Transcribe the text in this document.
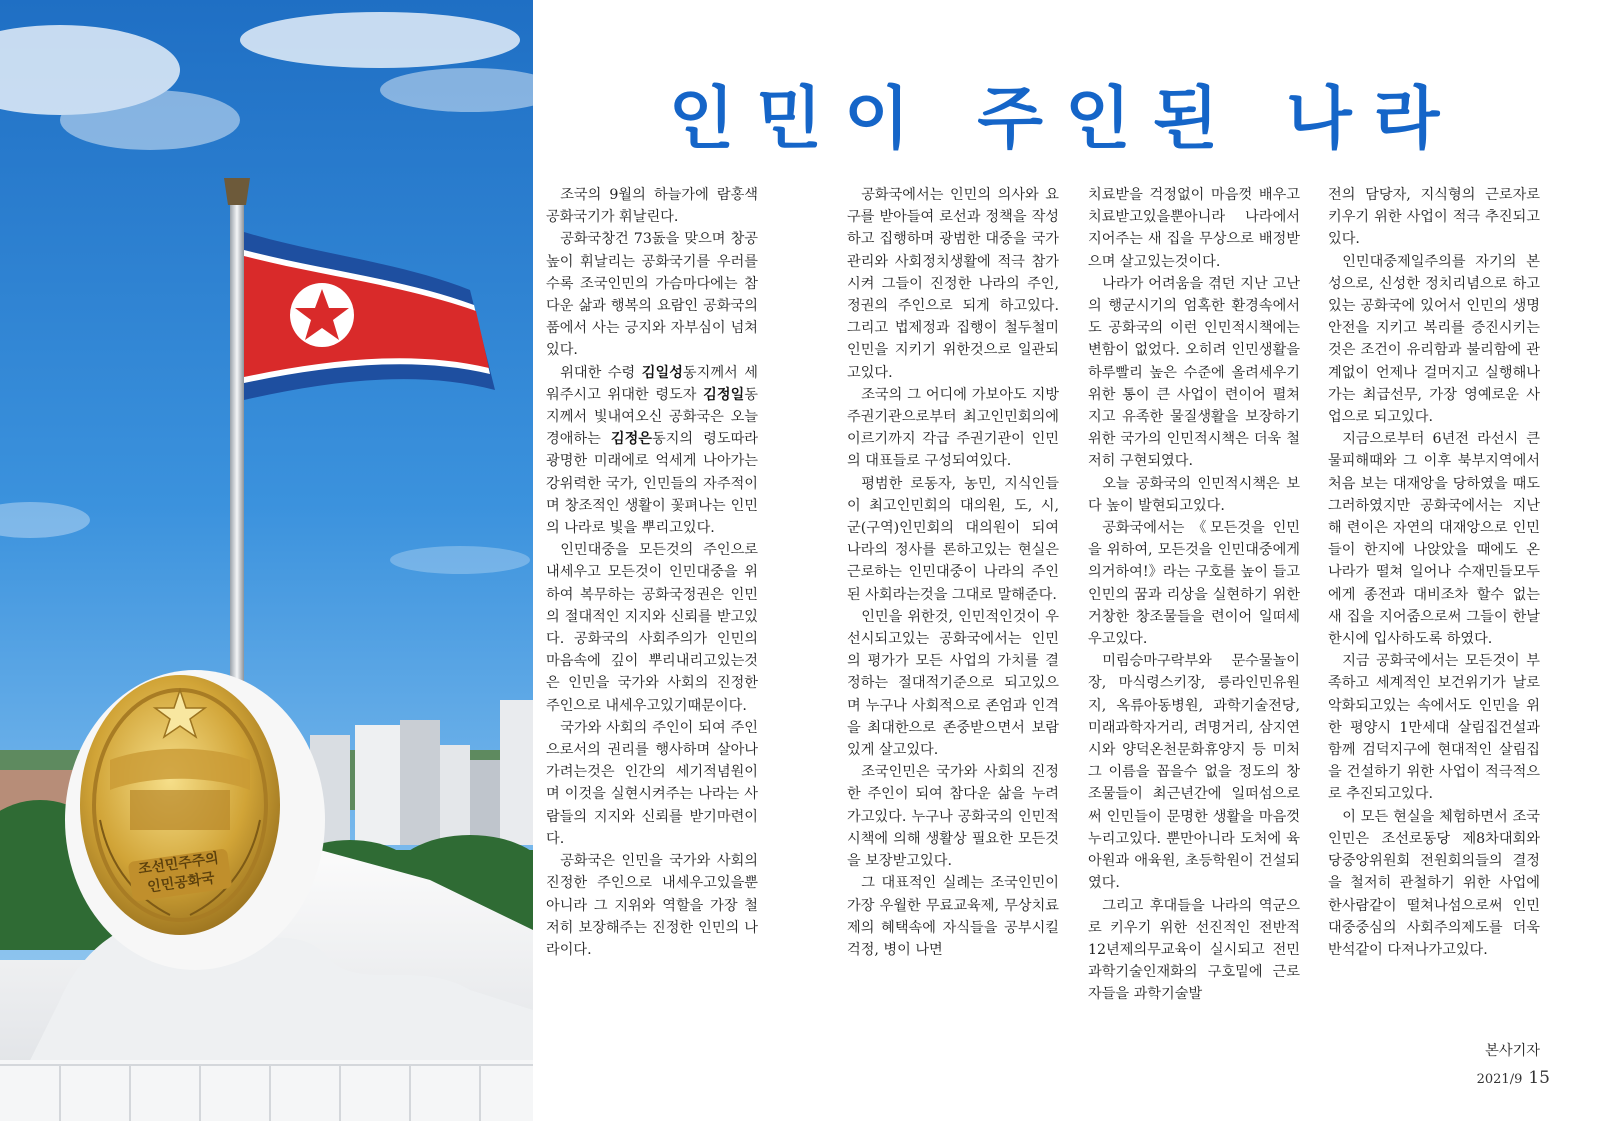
조선민주주의
인민공화국
인민이 주인된 나라

조국의 9월의 하늘가에 람홍색공화국기가 휘날린다.

공화국창건 73돐을 맞으며 창공높이 휘날리는 공화국기를 우러를수록 조국인민의 가슴마다에는 참다운 삶과 행복의 요람인 공화국의 품에서 사는 긍지와 자부심이 넘쳐있다.

위대한 수령 김일성동지께서 세워주시고 위대한 령도자 김정일동지께서 빛내여오신 공화국은 오늘 경애하는 김정은동지의 령도따라 광명한 미래에로 억세게 나아가는 강위력한 국가, 인민들의 자주적이며 창조적인 생활이 꽃펴나는 인민의 나라로 빛을 뿌리고있다.

인민대중을 모든것의 주인으로 내세우고 모든것이 인민대중을 위하여 복무하는 공화국정권은 인민의 절대적인 지지와 신뢰를 받고있다. 공화국의 사회주의가 인민의 마음속에 깊이 뿌리내리고있는것은 인민을 국가와 사회의 진정한 주인으로 내세우고있기때문이다.

국가와 사회의 주인이 되여 주인으로서의 권리를 행사하며 살아나가려는것은 인간의 세기적념원이며 이것을 실현시켜주는 나라는 사람들의 지지와 신뢰를 받기마련이다.

공화국은 인민을 국가와 사회의 진정한 주인으로 내세우고있을뿐아니라 그 지위와 역할을 가장 철저히 보장해주는 진정한 인민의 나라이다.

공화국에서는 인민의 의사와 요구를 받아들여 로선과 정책을 작성하고 집행하며 광범한 대중을 국가관리와 사회정치생활에 적극 참가시켜 그들이 진정한 나라의 주인, 정권의 주인으로 되게 하고있다. 그리고 법제정과 집행이 철두철미 인민을 지키기 위한것으로 일관되고있다.

조국의 그 어디에 가보아도 지방주권기관으로부터 최고인민회의에 이르기까지 각급 주권기관이 인민의 대표들로 구성되여있다.

평범한 로동자, 농민, 지식인들이 최고인민회의 대의원, 도, 시, 군(구역)인민회의 대의원이 되여 나라의 정사를 론하고있는 현실은 근로하는 인민대중이 나라의 주인된 사회라는것을 그대로 말해준다.

인민을 위한것, 인민적인것이 우선시되고있는 공화국에서는 인민의 평가가 모든 사업의 가치를 결정하는 절대적기준으로 되고있으며 누구나 사회적으로 존엄과 인격을 최대한으로 존중받으면서 보람있게 살고있다.

조국인민은 국가와 사회의 진정한 주인이 되여 참다운 삶을 누려가고있다. 누구나 공화국의 인민적시책에 의해 생활상 필요한 모든것을 보장받고있다.

그 대표적인 실례는 조국인민이 가장 우월한 무료교육제, 무상치료제의 혜택속에 자식들을 공부시킬 걱정, 병이 나면

치료받을 걱정없이 마음껏 배우고 치료받고있을뿐아니라 나라에서 지어주는 새 집을 무상으로 배정받으며 살고있는것이다.

나라가 어려움을 겪던 지난 고난의 행군시기의 엄혹한 환경속에서도 공화국의 이런 인민적시책에는 변함이 없었다. 오히려 인민생활을 하루빨리 높은 수준에 올려세우기 위한 통이 큰 사업이 련이어 펼쳐지고 유족한 물질생활을 보장하기 위한 국가의 인민적시책은 더욱 철저히 구현되였다.

오늘 공화국의 인민적시책은 보다 높이 발현되고있다.

공화국에서는 《모든것을 인민을 위하여, 모든것을 인민대중에게 의거하여!》라는 구호를 높이 들고 인민의 꿈과 리상을 실현하기 위한 거창한 창조물들을 련이어 일떠세우고있다.

미림승마구락부와 문수물놀이장, 마식령스키장, 릉라인민유원지, 옥류아동병원, 과학기술전당, 미래과학자거리, 려명거리, 삼지연시와 양덕온천문화휴양지 등 미처 그 이름을 꼽을수 없을 정도의 창조물들이 최근년간에 일떠섬으로써 인민들이 문명한 생활을 마음껏 누리고있다. 뿐만아니라 도처에 육아원과 애육원, 초등학원이 건설되였다.

그리고 후대들을 나라의 역군으로 키우기 위한 선진적인 전반적12년제의무교육이 실시되고 전민과학기술인재화의 구호밑에 근로자들을 과학기술발

전의 담당자, 지식형의 근로자로 키우기 위한 사업이 적극 추진되고있다.

인민대중제일주의를 자기의 본성으로, 신성한 정치리념으로 하고있는 공화국에 있어서 인민의 생명안전을 지키고 복리를 증진시키는것은 조건이 유리함과 불리함에 관계없이 언제나 걸머지고 실행해나가는 최급선무, 가장 영예로운 사업으로 되고있다.

지금으로부터 6년전 라선시 큰물피해때와 그 이후 북부지역에서 처음 보는 대재앙을 당하였을 때도 그러하였지만 공화국에서는 지난해 련이은 자연의 대재앙으로 인민들이 한지에 나앉았을 때에도 온 나라가 떨쳐 일어나 수재민들모두에게 종전과 대비조차 할수 없는 새 집을 지어줌으로써 그들이 한날한시에 입사하도록 하였다.

지금 공화국에서는 모든것이 부족하고 세계적인 보건위기가 날로 악화되고있는 속에서도 인민을 위한 평양시 1만세대 살림집건설과 함께 검덕지구에 현대적인 살림집을 건설하기 위한 사업이 적극적으로 추진되고있다.

이 모든 현실을 체험하면서 조국인민은 조선로동당 제8차대회와 당중앙위원회 전원회의들의 결정을 철저히 관철하기 위한 사업에 한사람같이 떨쳐나섬으로써 인민대중중심의 사회주의제도를 더욱 반석같이 다져나가고있다.

본사기자
2021/9 15
